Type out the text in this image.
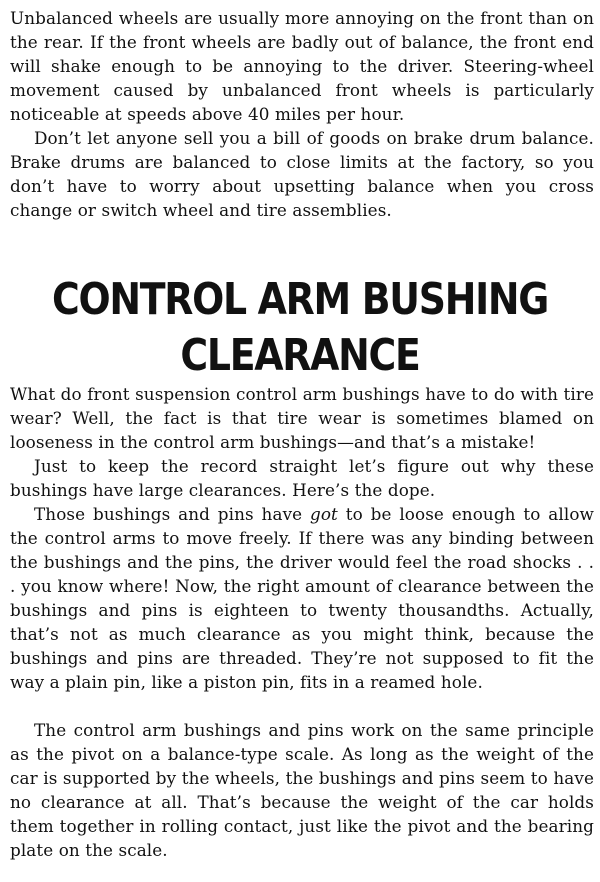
Unbalanced wheels are usually more annoying on the front than on the rear. If the front wheels are badly out of balance, the front end will shake enough to be annoying to the driver. Steering-wheel movement caused by unbalanced front wheels is particularly noticeable at speeds above 40 miles per hour.

Don’t let anyone sell you a bill of goods on brake drum balance. Brake drums are balanced to close limits at the factory, so you don’t have to worry about upsetting balance when you cross change or switch wheel and tire assemblies.

CONTROL ARM BUSHING
CLEARANCE

What do front suspension control arm bushings have to do with tire wear? Well, the fact is that tire wear is sometimes blamed on looseness in the control arm bushings—and that’s a mistake!

Just to keep the record straight let’s figure out why these bushings have large clearances. Here’s the dope.

Those bushings and pins have got to be loose enough to allow the control arms to move freely. If there was any binding between the bushings and the pins, the driver would feel the road shocks . . . you know where! Now, the right amount of clearance between the bushings and pins is eighteen to twenty thousandths. Actually, that’s not as much clearance as you might think, because the bushings and pins are threaded. They’re not supposed to fit the way a plain pin, like a piston pin, fits in a reamed hole.

The control arm bushings and pins work on the same principle as the pivot on a balance-type scale. As long as the weight of the car is supported by the wheels, the bushings and pins seem to have no clearance at all. That’s because the weight of the car holds them together in rolling contact, just like the pivot and the bearing plate on the scale.
